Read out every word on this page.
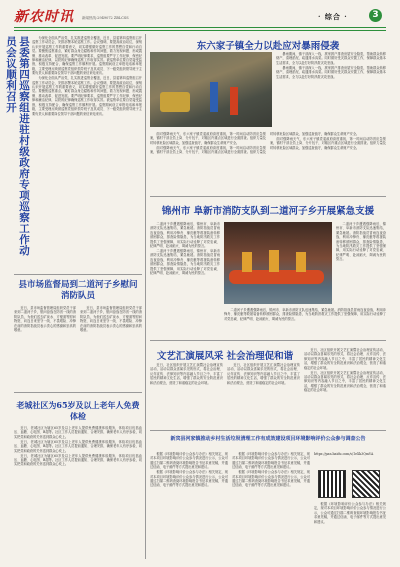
新农时讯	新闻热线:2949072 ZBLCSS	· 综合 ·	3
县委第四巡察组进驻村级政府专项巡察工作动员会议顺利召开	为深化全面从严治党，扎实推进巡察全覆盖，近日，县委第四巡察组召开巡察工作动员会，安排部署本轮巡察工作。会议强调，要提高政治站位，深刻认识开展巡察工作的重要意义，切实增强做好巡察工作的思想自觉和行动自觉。要聚焦巡察重点，紧盯群众身边腐败和作风问题，着力发现问题、形成震慑、推动改革、促进发展。要严明纪律要求，巡察组要严守工作纪律、保密纪律和廉洁纪律，以铁的纪律确保巡察工作取得实效。被巡察单位要自觉接受监督，积极支持配合，确保巡察工作顺利开展。巡察期间设立举报电话和举报箱，主要受理反映被巡察党组织领导班子及其成员、下一级党组织领导班子主要负责人和重要岗位领导干部问题的来信来电来访。

为深化全面从严治党，扎实推进巡察全覆盖，近日，县委第四巡察组召开巡察工作动员会，安排部署本轮巡察工作。会议强调，要提高政治站位，深刻认识开展巡察工作的重要意义，切实增强做好巡察工作的思想自觉和行动自觉。要聚焦巡察重点，紧盯群众身边腐败和作风问题，着力发现问题、形成震慑、推动改革、促进发展。要严明纪律要求，巡察组要严守工作纪律、保密纪律和廉洁纪律，以铁的纪律确保巡察工作取得实效。被巡察单位要自觉接受监督，积极支持配合，确保巡察工作顺利开展。巡察期间设立举报电话和举报箱，主要受理反映被巡察党组织领导班子及其成员、下一级党组织领导班子主要负责人和重要岗位领导干部问题的来信来电来访。

县市场监督局到二道河子乡慰问消防队员

近日，县市场监督管理局组织党员干部来到二道河子乡，慰问奋战在防汛一线的消防队员，为他们送去矿泉水、方便面等慰问物资，向连日来坚守一线、不畏艰险、冲锋在前的消防指战员表示衷心的感谢和崇高的敬意。

近日，县市场监督管理局组织党员干部来到二道河子乡，慰问奋战在防汛一线的消防队员，为他们送去矿泉水、方便面等慰问物资，向连日来坚守一线、不畏艰险、冲锋在前的消防指战员表示衷心的感谢和崇高的敬意。

老城社区为65岁及以上老年人免费体检

近日，老城社区为辖区65岁及以上老年人提供免费健康体检服务，体检项目包括血压、血糖、心电图、B超等。社区工作人员提前通知、合理安排，确保老年人有序参检，切实把党和政府的关怀送到群众心坎上。

近日，老城社区为辖区65岁及以上老年人提供免费健康体检服务，体检项目包括血压、血糖、心电图、B超等。社区工作人员提前通知、合理安排，确保老年人有序参检，切实把党和政府的关怀送到群众心坎上。

近日，老城社区为辖区65岁及以上老年人提供免费健康体检服务，体检项目包括血压、血糖、心电图、B超等。社区工作人员提前通知、合理安排，确保老年人有序参检，切实把党和政府的关怀送到群众心坎上。

东六家子镇全力以赴应对暴雨侵袭

暴雨期间，镇干部深入一线，挨家挨户排查房屋安全隐患，帮助群众转移财产，清理淤泥，疏通排水沟渠。同时做好受灾群众安置工作，保障群众基本生活需求，全力以赴打好防汛救灾攻坚战。

暴雨期间，镇干部深入一线，挨家挨户排查房屋安全隐患，帮助群众转移财产，清理淤泥，疏通排水沟渠。同时做好受灾群众安置工作，保障群众基本生活需求，全力以赴打好防汛救灾攻坚战。

面对强降雨天气，东六家子镇党委政府高度重视，第一时间启动防汛应急预案，镇村干部全员上岗、分片包干，对辖区内重点区域进行全面排查。组织力量及时转移危险区域群众，加强巡查值守，确保群众生命财产安全。

面对强降雨天气，东六家子镇党委政府高度重视，第一时间启动防汛应急预案，镇村干部全员上岗、分片包干，对辖区内重点区域进行全面排查。组织力量及时转移危险区域群众，加强巡查值守，确保群众生命财产安全。

面对强降雨天气，东六家子镇党委政府高度重视，第一时间启动防汛应急预案，镇村干部全员上岗、分片包干，对辖区内重点区域进行全面排查。组织力量及时转移危险区域群众，加强巡查值守，确保群众生命财产安全。

锦州市 阜新市消防支队到二道河子乡开展紧急支援

二道河子乡遭遇强降雨后，锦州市、阜新市消防支队迅速集结，紧急驰援。消防指战员冒雨连夜奋战，利用冲锋舟、橡皮艇等救援装备转移被困群众，排查险情隐患，为当地防汛救灾工作提供了坚强保障，用实际行动诠释了对党忠诚、纪律严明、赴汤蹈火、竭诚为民的誓言。

二道河子乡遭遇强降雨后，锦州市、阜新市消防支队迅速集结，紧急驰援。消防指战员冒雨连夜奋战，利用冲锋舟、橡皮艇等救援装备转移被困群众，排查险情隐患，为当地防汛救灾工作提供了坚强保障，用实际行动诠释了对党忠诚、纪律严明、赴汤蹈火、竭诚为民的誓言。

二道河子乡遭遇强降雨后，锦州市、阜新市消防支队迅速集结，紧急驰援。消防指战员冒雨连夜奋战，利用冲锋舟、橡皮艇等救援装备转移被困群众，排查险情隐患，为当地防汛救灾工作提供了坚强保障，用实际行动诠释了对党忠诚、纪律严明、赴汤蹈火、竭诚为民的誓言。

二道河子乡遭遇强降雨后，锦州市、阜新市消防支队迅速集结，紧急驰援。消防指战员冒雨连夜奋战，利用冲锋舟、橡皮艇等救援装备转移被困群众，排查险情隐患，为当地防汛救灾工作提供了坚强保障，用实际行动诠释了对党忠诚、纪律严明、赴汤蹈火、竭诚为民的誓言。

文艺汇演展风采 社会治理促和谐

近日，社区组织开展文艺汇演暨社会治理宣传活动，活动以群众喜闻乐见的形式，将社会治理、反诈宣传、法律知识等内容融入节目之中，丰富了居民的精神文化生活，增强了群众的安全防范意识和法治观念，营造了和谐稳定的社会环境。

近日，社区组织开展文艺汇演暨社会治理宣传活动，活动以群众喜闻乐见的形式，将社会治理、反诈宣传、法律知识等内容融入节目之中，丰富了居民的精神文化生活，增强了群众的安全防范意识和法治观念，营造了和谐稳定的社会环境。

近日，社区组织开展文艺汇演暨社会治理宣传活动，活动以群众喜闻乐见的形式，将社会治理、反诈宣传、法律知识等内容融入节目之中，丰富了居民的精神文化生活，增强了群众的安全防范意识和法治观念，营造了和谐稳定的社会环境。

近日，社区组织开展文艺汇演暨社会治理宣传活动，活动以群众喜闻乐见的形式，将社会治理、反诈宣传、法律知识等内容融入节目之中，丰富了居民的精神文化生活，增强了群众的安全防范意识和法治观念，营造了和谐稳定的社会环境。

新宾县河家镇推动乡村生活垃圾清理工作有成效建设项目环境影响评价公众参与调查公告

根据《环境影响评价公众参与办法》相关规定，现对本项目环境影响评价公众参与情况进行公示，公众可通过扫描二维码查阅环境影响报告书征求意见稿，并通过信函、电子邮件等方式提出意见和建议。

根据《环境影响评价公众参与办法》相关规定，现对本项目环境影响评价公众参与情况进行公示，公众可通过扫描二维码查阅环境影响报告书征求意见稿，并通过信函、电子邮件等方式提出意见和建议。

根据《环境影响评价公众参与办法》相关规定，现对本项目环境影响评价公众参与情况进行公示，公众可通过扫描二维码查阅环境影响报告书征求意见稿，并通过信函、电子邮件等方式提出意见和建议。

根据《环境影响评价公众参与办法》相关规定，现对本项目环境影响评价公众参与情况进行公示，公众可通过扫描二维码查阅环境影响报告书征求意见稿，并通过信函、电子邮件等方式提出意见和建议。

https://pan.baidu.com/s/1eXk3QmVA

根据《环境影响评价公众参与办法》相关规定，现对本项目环境影响评价公众参与情况进行公示，公众可通过扫描二维码查阅环境影响报告书征求意见稿，并通过信函、电子邮件等方式提出意见和建议。
